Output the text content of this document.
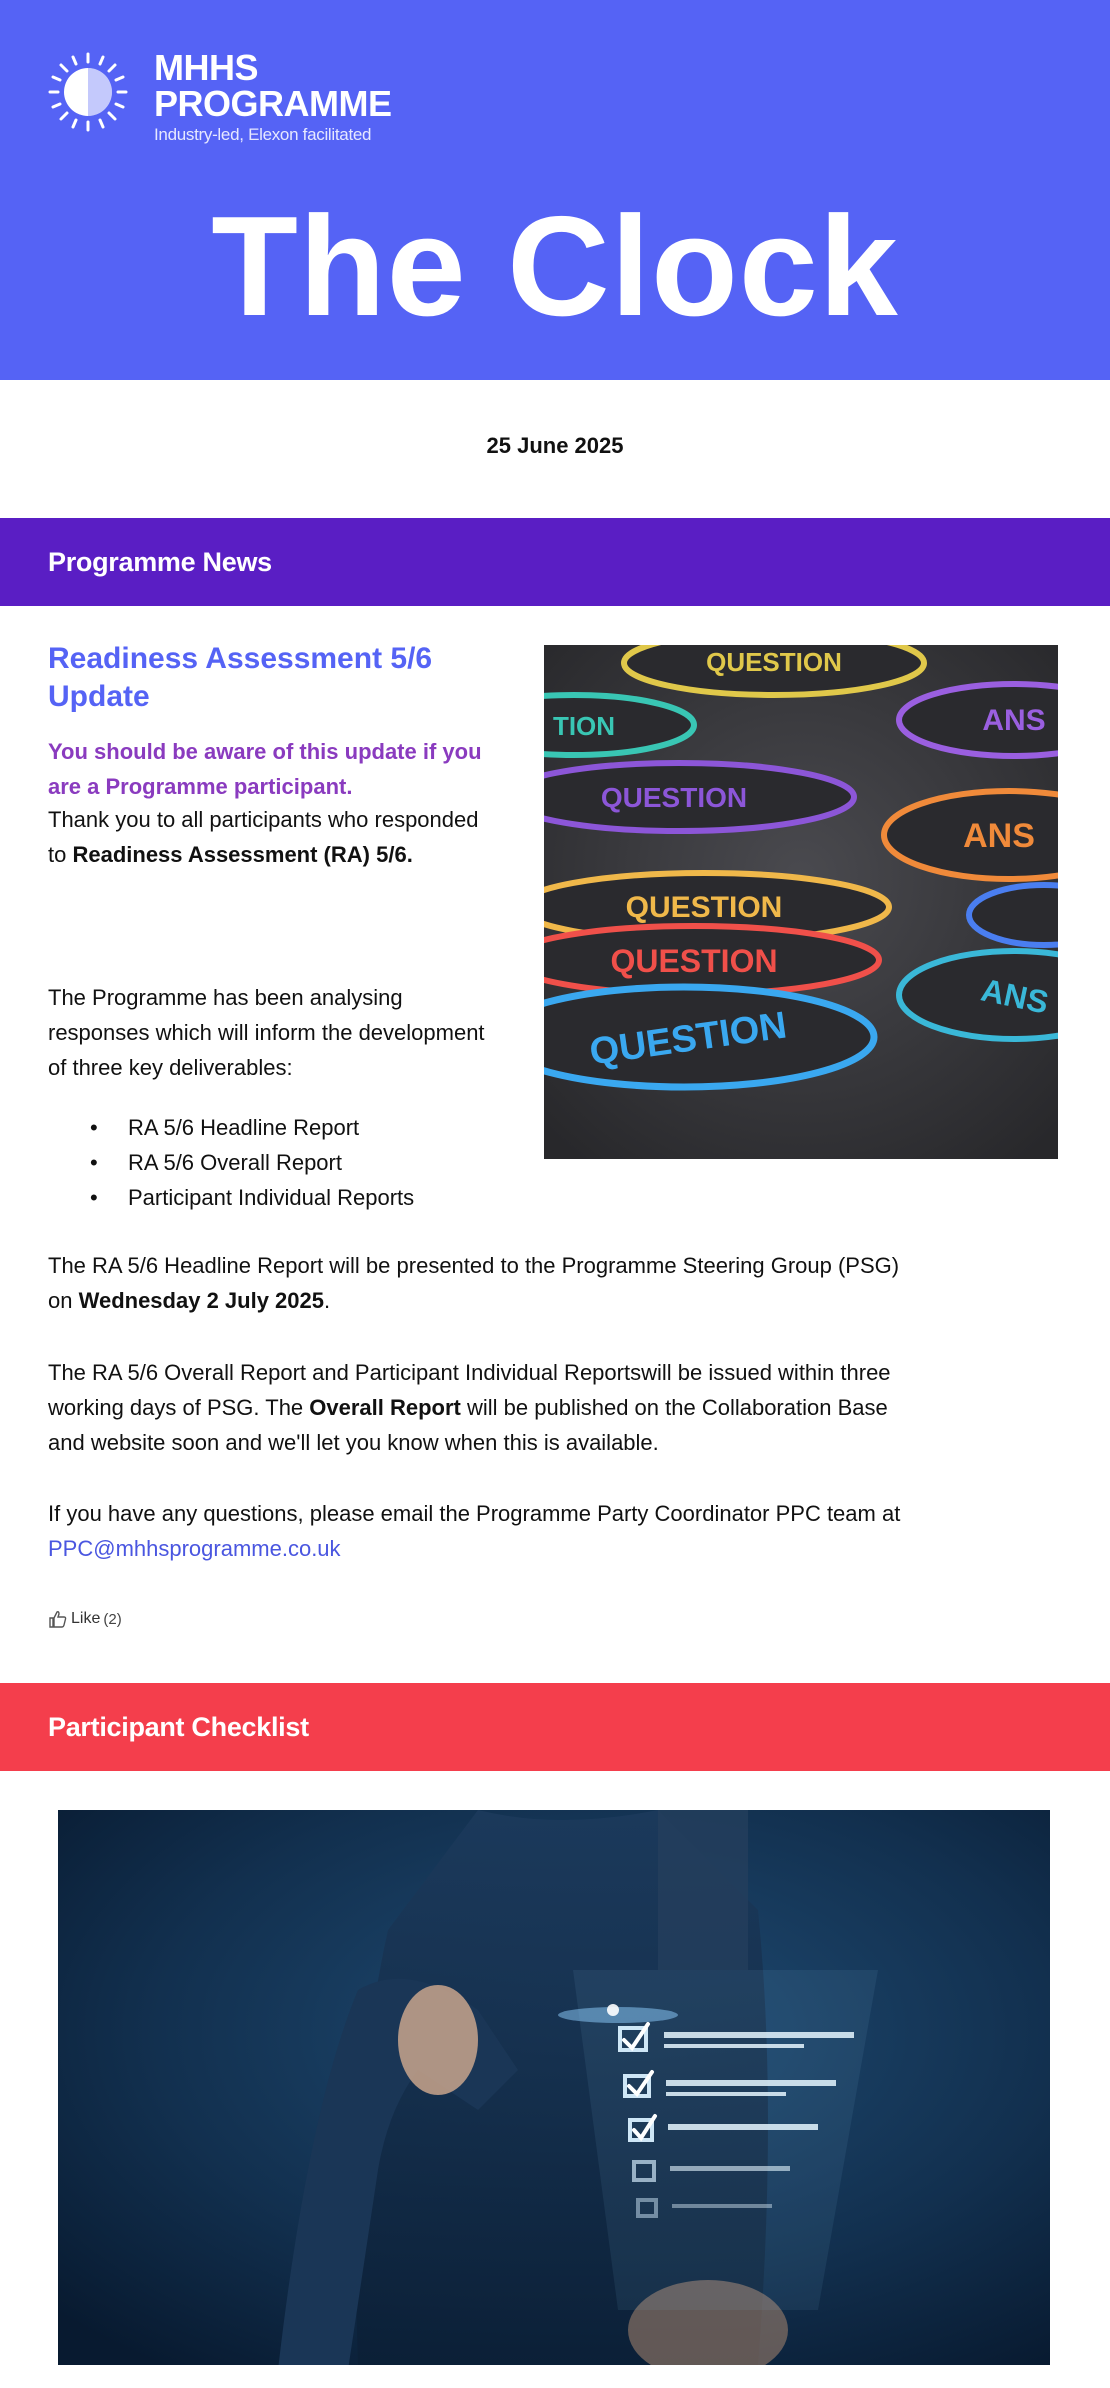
MHHS
PROGRAMME
Industry-led, Elexon facilitated
The Clock
25 June 2025
Programme News
Readiness Assessment 5/6 Update
You should be aware of this update if you are a Programme participant.
Thank you to all participants who responded to Readiness Assessment (RA) 5/6.
The Programme has been analysing responses which will inform the development of three key deliverables:
• RA 5/6 Headline Report
• RA 5/6 Overall Report
• Participant Individual Reports
The RA 5/6 Headline Report will be presented to the Programme Steering Group (PSG)
on Wednesday 2 July 2025.
The RA 5/6 Overall Report and Participant Individual Reportswill be issued within three
working days of PSG. The Overall Report will be published on the Collaboration Base
and website soon and we'll let you know when this is available.
If you have any questions, please email the Programme Party Coordinator PPC team at
PPC@mhhsprogramme.co.uk
QUESTION
TION	ANS
QUESTION
ANS
QUESTION
QUESTION
QUESTION
ANS
Like (2)
Participant Checklist
